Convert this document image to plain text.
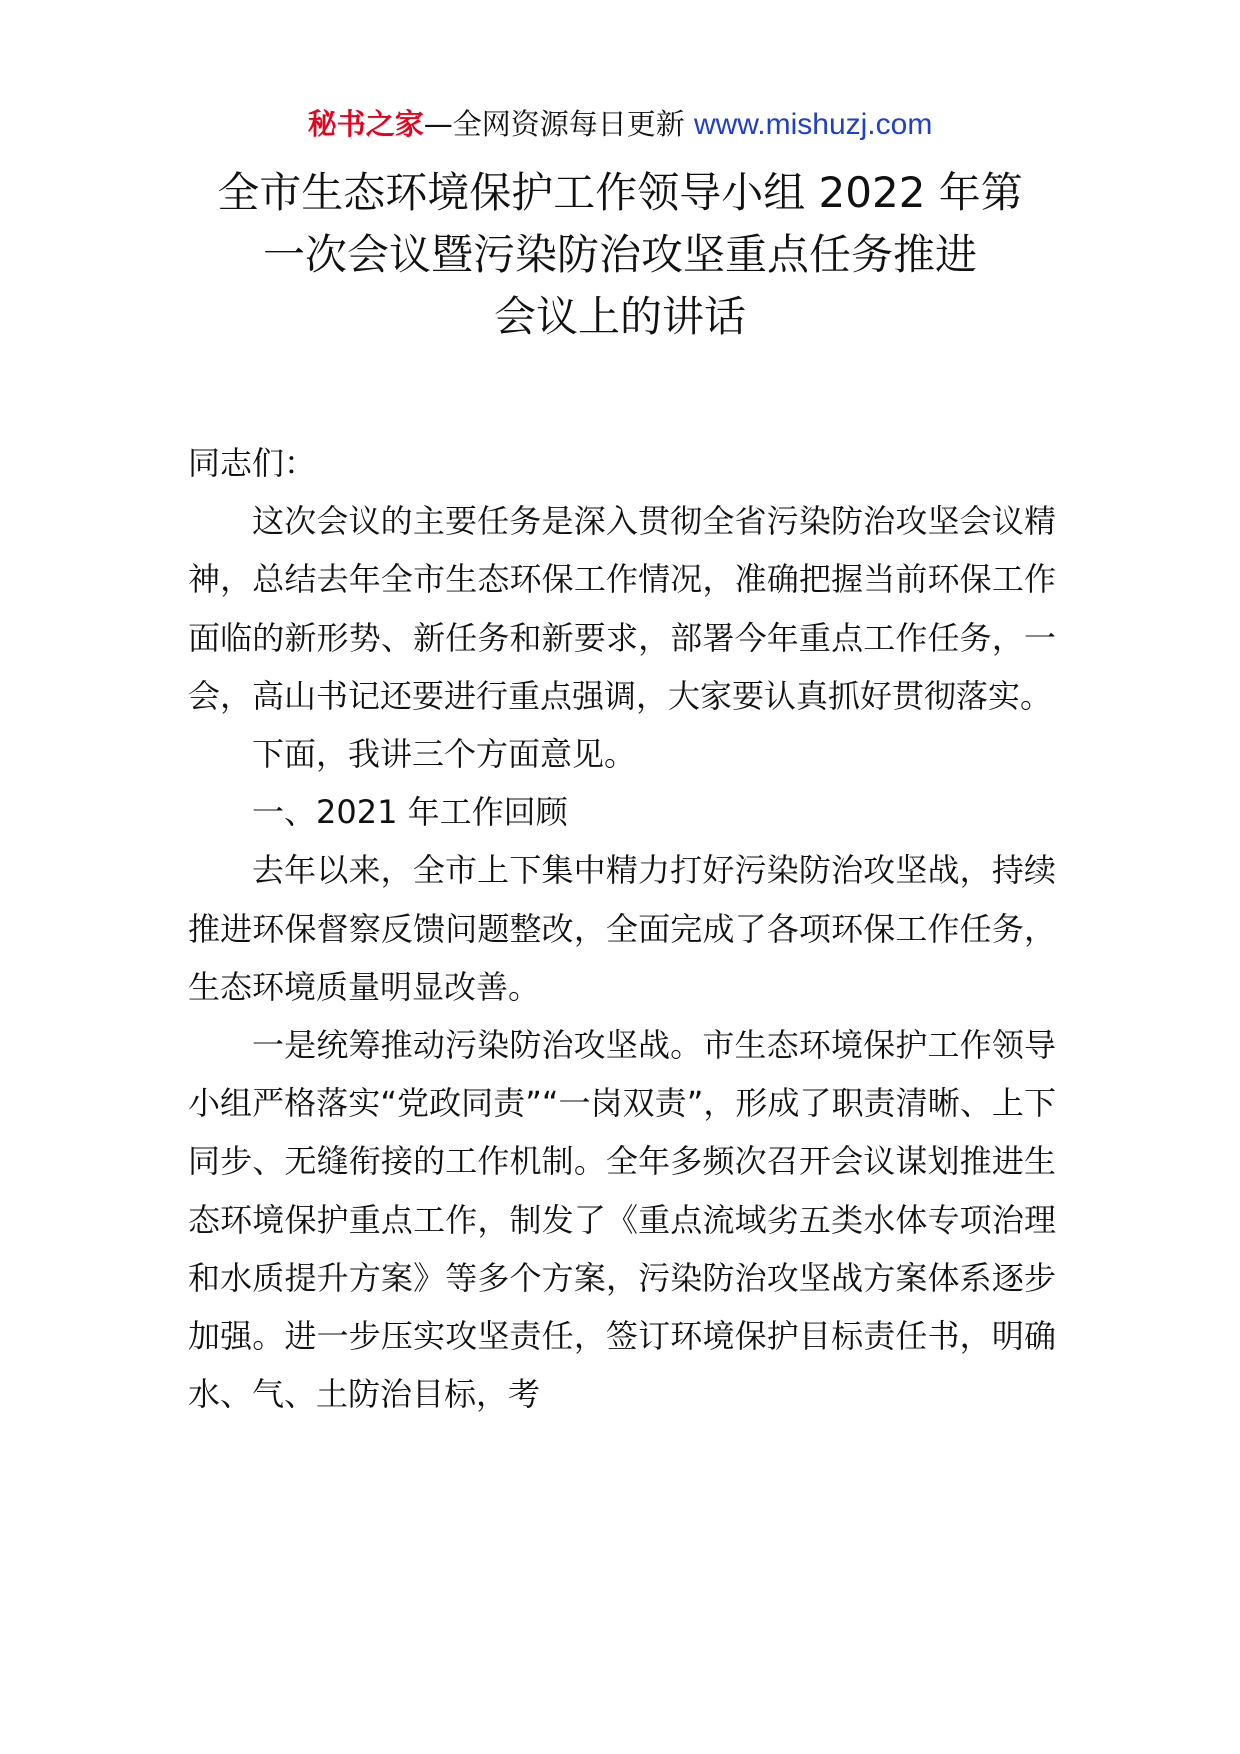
秘书之家—全网资源每日更新 www.mishuzj.com
全市生态环境保护工作领导小组 2022 年第
一次会议暨污染防治攻坚重点任务推进
会议上的讲话

同志们：

这次会议的主要任务是深入贯彻全省污染防治攻坚会议精神，总结去年全市生态环保工作情况，准确把握当前环保工作面临的新形势、新任务和新要求，部署今年重点工作任务，一会，高山书记还要进行重点强调，大家要认真抓好贯彻落实。

下面，我讲三个方面意见。

一、2021 年工作回顾

去年以来，全市上下集中精力打好污染防治攻坚战，持续推进环保督察反馈问题整改，全面完成了各项环保工作任务，生态环境质量明显改善。

一是统筹推动污染防治攻坚战。市生态环境保护工作领导小组严格落实“党政同责”“一岗双责”，形成了职责清晰、上下同步、无缝衔接的工作机制。全年多频次召开会议谋划推进生态环境保护重点工作，制发了《重点流域劣五类水体专项治理和水质提升方案》等多个方案，污染防治攻坚战方案体系逐步加强。进一步压实攻坚责任，签订环境保护目标责任书，明确水、气、土防治目标，考
